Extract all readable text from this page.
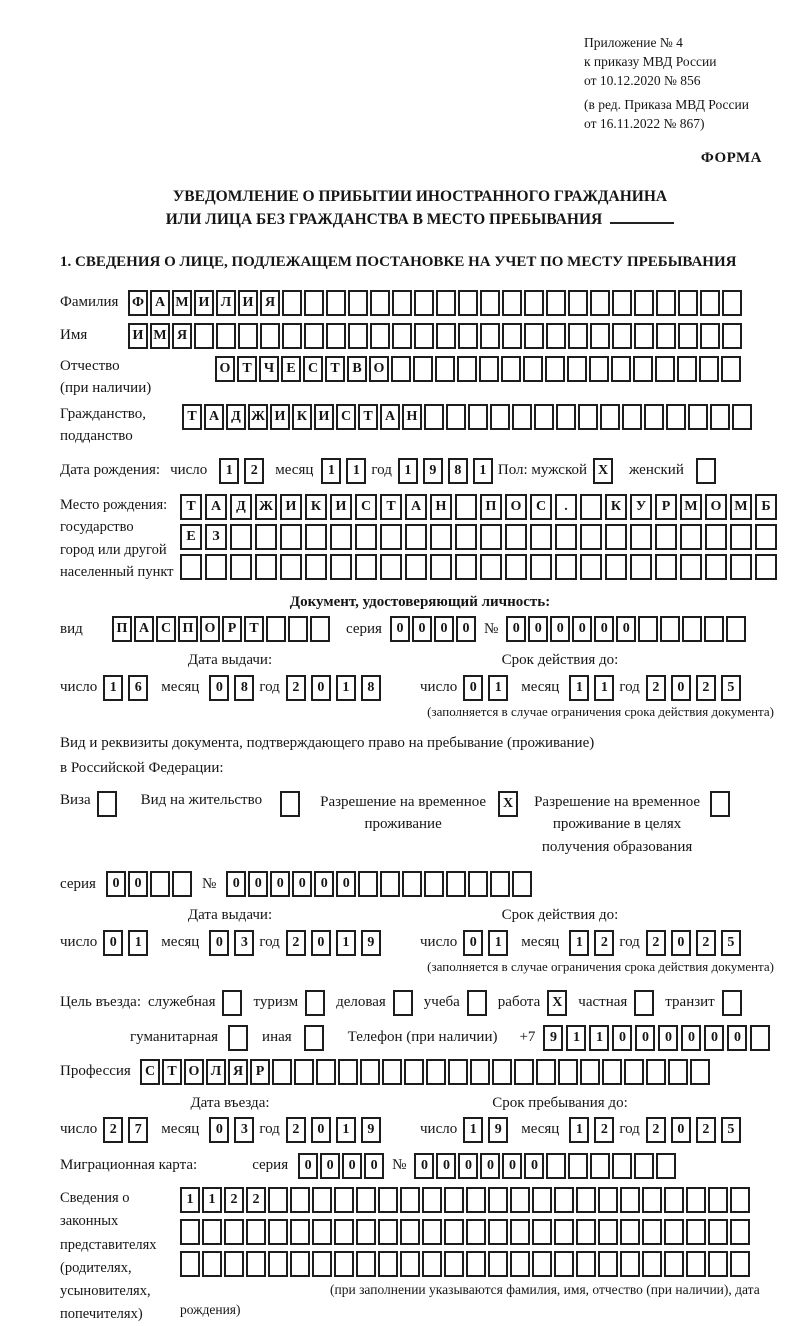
Приложение № 4
к приказу МВД России
от 10.12.2020 № 856
(в ред. Приказа МВД России
от 16.11.2022 № 867)
ФОРМА
УВЕДОМЛЕНИЕ О ПРИБЫТИИ ИНОСТРАННОГО ГРАЖДАНИНА
ИЛИ ЛИЦА БЕЗ ГРАЖДАНСТВА В МЕСТО ПРЕБЫВАНИЯ
1. СВЕДЕНИЯ О ЛИЦЕ, ПОДЛЕЖАЩЕМ ПОСТАНОВКЕ НА УЧЕТ ПО МЕСТУ ПРЕБЫВАНИЯ
Фамилия Ф А М И Л И Я
Имя	И М Я
Отчество
(при наличии)
О Т Ч Е С Т В О
Гражданство,
подданство
Т А Д Ж И К И С Т А Н
Дата рождения: число	1	2	месяц	1	1 год 1	9	8	1 Пол: мужской X	женский
Место рождения:
государство
город или другой
населенный пункт
Т	А	Д Ж И	К	И	С	Т	А	Н	П	О	С	.	К	У	Р	М О М Б
Е	З
Документ, удостоверяющий личность:
вид	П А С П О Р Т	серия	0	0	0	0 №	0	0	0	0	0	0
Дата выдачи:	Срок действия до:
число 1	6	месяц	0	8 год 2	0	1	8	число 0	1	месяц	1	1 год 2	0	2	5
(заполняется в случае ограничения срока действия документа)
Вид и реквизиты документа, подтверждающего право на пребывание (проживание)
в Российской Федерации:
Виза	Вид на жительство	Разрешение на временное
проживание
X	Разрешение на временное
проживание в целях
получения образования
серия	0	0	№	0	0	0	0	0	0
Дата выдачи:	Срок действия до:
число 0	1	месяц	0	3 год 2	0	1	9	число 0	1	месяц	1	2 год 2	0	2	5
(заполняется в случае ограничения срока действия документа)
Цель въезда: служебная	туризм	деловая	учеба	работа X	частная	транзит
гуманитарная	иная	Телефон (при наличии) +7	9	1	1	0	0	0	0	0	0
Профессия	С Т О Л Я Р
Дата въезда:	Срок пребывания до:
число 2	7	месяц	0	3 год 2	0	1	9	число 1	9	месяц	1	2 год 2	0	2	5
Миграционная карта:	серия	0	0	0	0 №	0	0	0	0	0	0
Сведения о
законных
представителях
(родителях,
усыновителях,
попечителях)
1	1	2	2
(при заполнении указываются фамилия, имя, отчество (при наличии), дата рождения)
